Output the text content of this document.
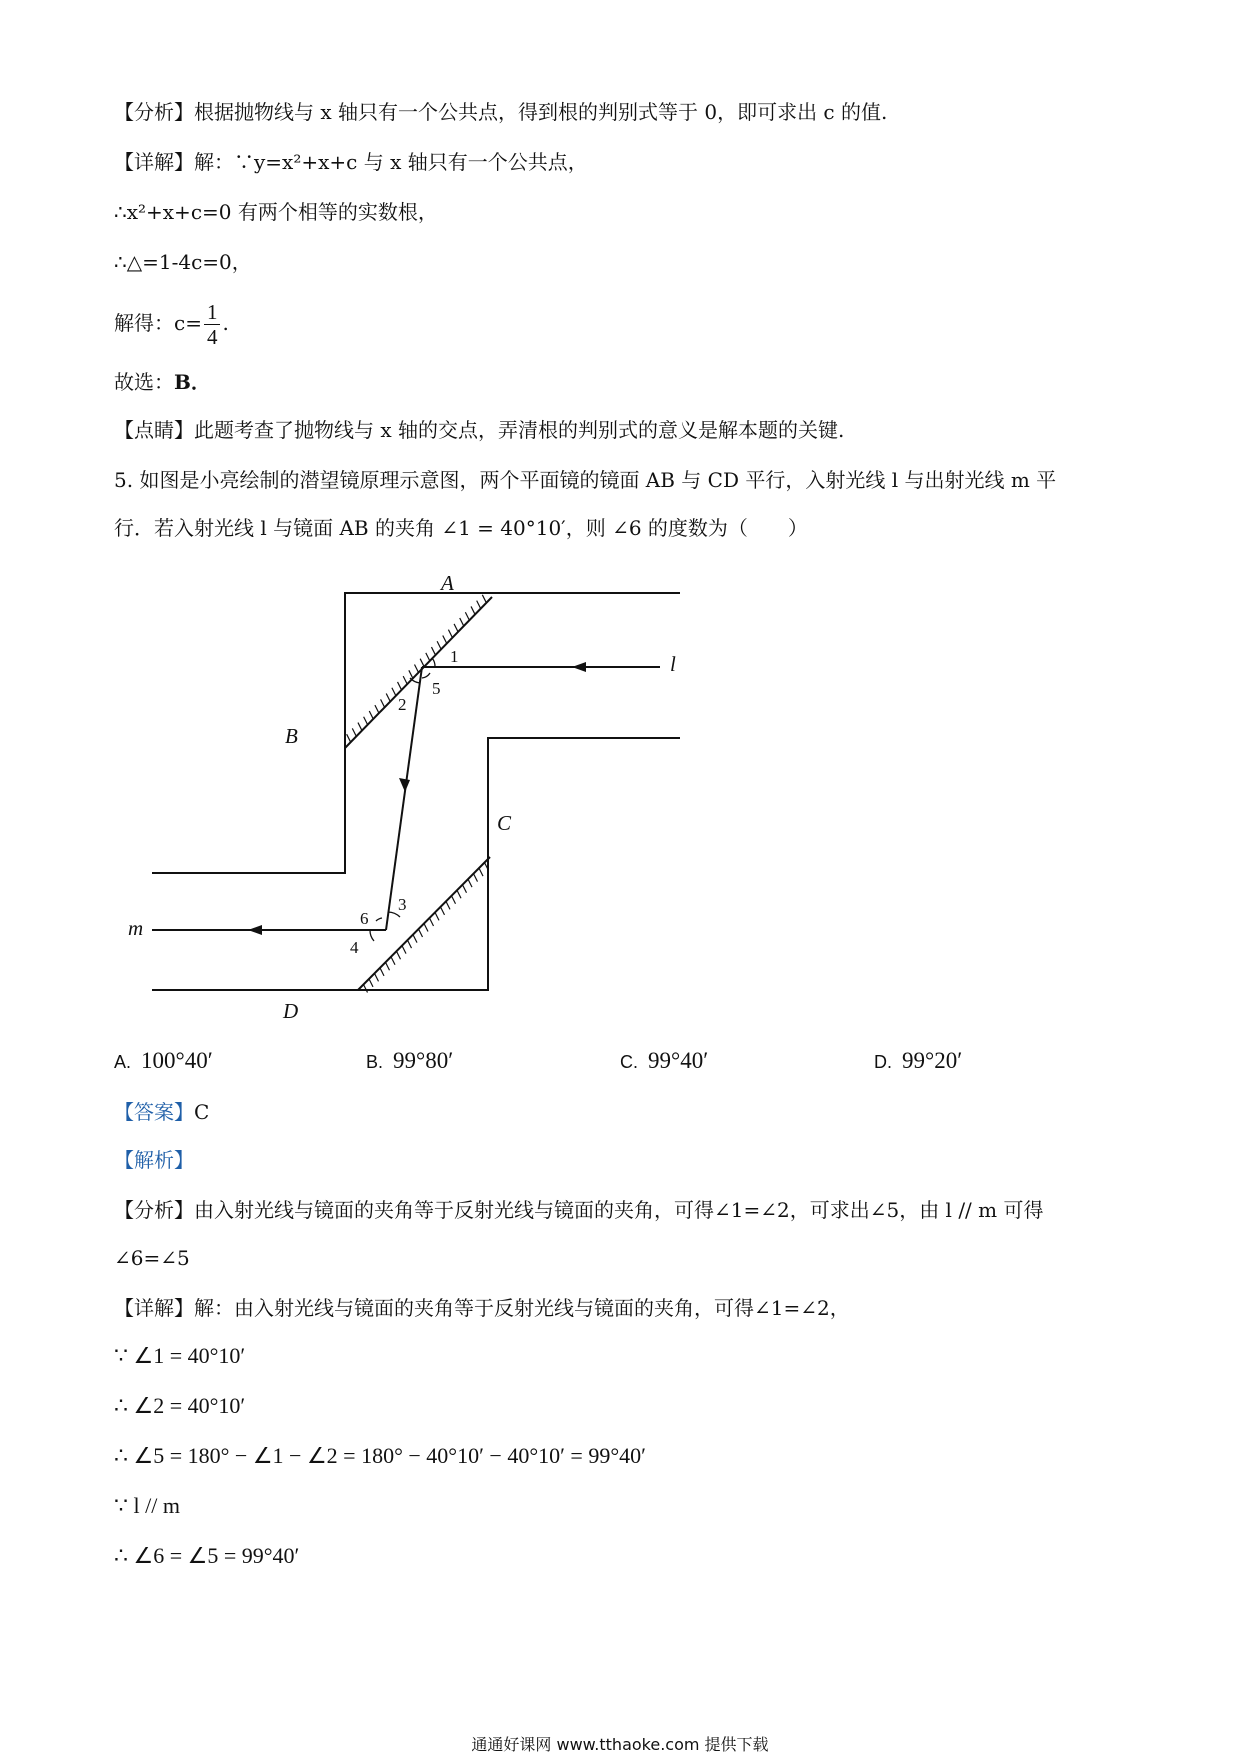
【分析】根据抛物线与 x 轴只有一个公共点，得到根的判别式等于 0，即可求出 c 的值.
【详解】解：∵y=x²+x+c 与 x 轴只有一个公共点，
∴x²+x+c=0 有两个相等的实数根，
∴△=1-4c=0，
解得：$c= \frac{1}{4}$ .
故选：B．
【点睛】此题考查了抛物线与 x 轴的交点，弄清根的判别式的意义是解本题的关键.
5. 如图是小亮绘制的潜望镜原理示意图，两个平面镜的镜面 AB 与 CD 平行，入射光线 l 与出射光线 m 平
行．若入射光线 l 与镜面 AB 的夹角 ∠1 = 40°10′，则 ∠6 的度数为（　　）
A
B
C
D
l
m
1
2
5
3
6
4
A. 100°40′	B. 99°80′	C. 99°40′	D. 99°20′
【答案】C
【解析】
【分析】由入射光线与镜面的夹角等于反射光线与镜面的夹角，可得∠1=∠2，可求出∠5，由 l // m 可得
∠6=∠5
【详解】解：由入射光线与镜面的夹角等于反射光线与镜面的夹角，可得∠1=∠2，
∵ ∠1 = 40°10′
∴ ∠2 = 40°10′
∴ ∠5 = 180° − ∠1 − ∠2 = 180° − 40°10′ − 40°10′ = 99°40′
∵ l // m
∴ ∠6 = ∠5 = 99°40′
通通好课网 www.tthaoke.com 提供下载
